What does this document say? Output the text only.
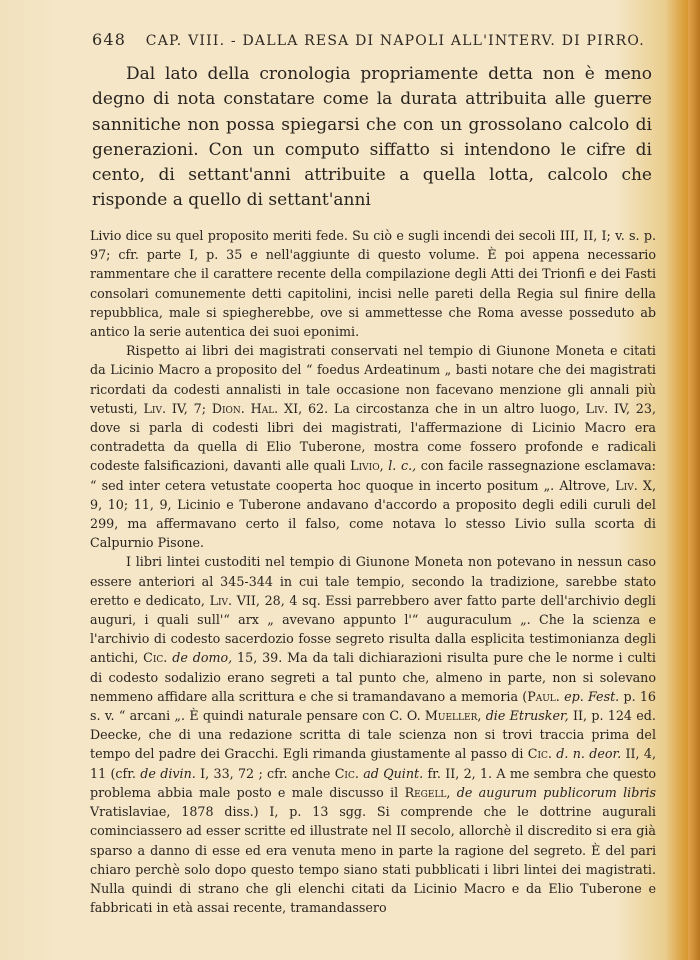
648 CAP. VIII. - DALLA RESA DI NAPOLI ALL'INTERV. DI PIRRO.

Dal lato della cronologia propriamente detta non è meno degno di nota constatare come la durata attribuita alle guerre sannitiche non possa spiegarsi che con un grossolano calcolo di generazioni. Con un computo siffatto si intendono le cifre di cento, di settant'anni attribuite a quella lotta, calcolo che risponde a quello di settant'anni

Livio dice su quel proposito meriti fede. Su ciò e sugli incendi dei secoli III, II, I; v. s. p. 97; cfr. parte I, p. 35 e nell'aggiunte di questo volume. È poi appena necessario rammentare che il carattere recente della compilazione degli Atti dei Trionfi e dei Fasti consolari comunemente detti capitolini, incisi nelle pareti della Regia sul finire della repubblica, male si spiegherebbe, ove si ammettesse che Roma avesse posseduto ab antico la serie autentica dei suoi eponimi.

Rispetto ai libri dei magistrati conservati nel tempio di Giunone Moneta e citati da Licinio Macro a proposito del “ foedus Ardeatinum „ basti notare che dei magistrati ricordati da codesti annalisti in tale occasione non facevano menzione gli annali più vetusti, Liv. IV, 7; Dion. Hal. XI, 62. La circostanza che in un altro luogo, Liv. IV, 23, dove si parla di codesti libri dei magistrati, l'affermazione di Licinio Macro era contradetta da quella di Elio Tuberone, mostra come fossero profonde e radicali codeste falsificazioni, davanti alle quali Livio, l. c., con facile rassegnazione esclamava: “ sed inter cetera vetustate cooperta hoc quoque in incerto positum „. Altrove, Liv. X, 9, 10; 11, 9, Licinio e Tuberone andavano d'accordo a proposito degli edili curuli del 299, ma affermavano certo il falso, come notava lo stesso Livio sulla scorta di Calpurnio Pisone.

I libri lintei custoditi nel tempio di Giunone Moneta non potevano in nessun caso essere anteriori al 345-344 in cui tale tempio, secondo la tradizione, sarebbe stato eretto e dedicato, Liv. VII, 28, 4 sq. Essi parrebbero aver fatto parte dell'archivio degli auguri, i quali sull'“ arx „ avevano appunto l'“ auguraculum „. Che la scienza e l'archivio di codesto sacerdozio fosse segreto risulta dalla esplicita testimonianza degli antichi, Cic. de domo, 15, 39. Ma da tali dichiarazioni risulta pure che le norme i culti di codesto sodalizio erano segreti a tal punto che, almeno in parte, non si solevano nemmeno affidare alla scrittura e che si tramandavano a memoria (Paul. ep. Fest. p. 16 s. v. “ arcani „. È quindi naturale pensare con C. O. Mueller, die Etrusker, II, p. 124 ed. Deecke, che di una redazione scritta di tale scienza non si trovi traccia prima del tempo del padre dei Gracchi. Egli rimanda giustamente al passo di Cic. d. n. deor. II, 4, 11 (cfr. de divin. I, 33, 72 ; cfr. anche Cic. ad Quint. fr. II, 2, 1. A me sembra che questo problema abbia male posto e male discusso il Regell, de augurum publicorum libris Vratislaviae, 1878 diss.) I, p. 13 sgg. Si comprende che le dottrine augurali cominciassero ad esser scritte ed illustrate nel II secolo, allorchè il discredito si era già sparso a danno di esse ed era venuta meno in parte la ragione del segreto. È del pari chiaro perchè solo dopo questo tempo siano stati pubblicati i libri lintei dei magistrati. Nulla quindi di strano che gli elenchi citati da Licinio Macro e da Elio Tuberone e fabbricati in età assai recente, tramandassero
